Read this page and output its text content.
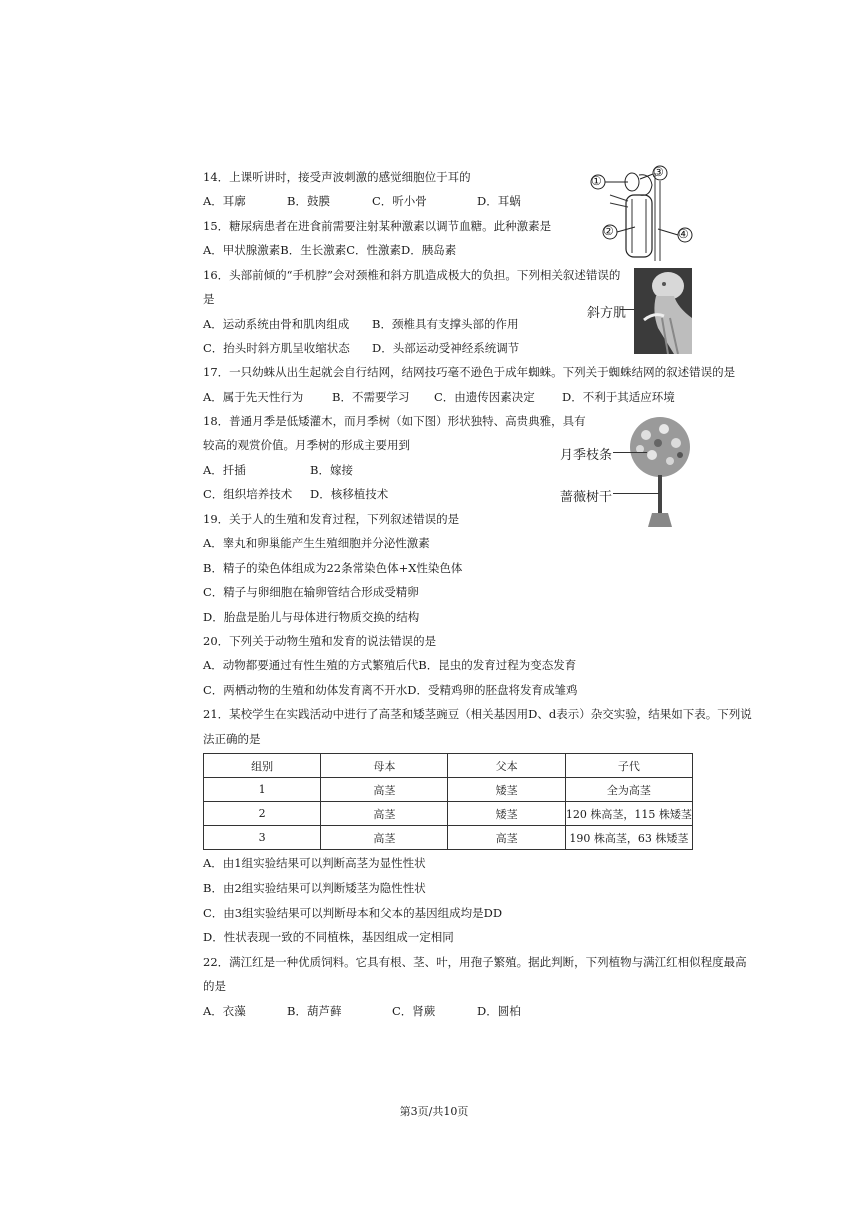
14．上课听讲时，接受声波刺激的感觉细胞位于耳的
A．耳廓	B．鼓膜	C．听小骨	D．耳蜗
①
③
②	④
15．糖尿病患者在进食前需要注射某种激素以调节血糖。此种激素是
A．甲状腺激素B．生长激素C．性激素D．胰岛素
16．头部前倾的“手机脖”会对颈椎和斜方肌造成极大的负担。下列相关叙述错误的
是
A．运动系统由骨和肌肉组成 B．颈椎具有支撑头部的作用
C．抬头时斜方肌呈收缩状态 D．头部运动受神经系统调节
斜方肌
17．一只幼蛛从出生起就会自行结网，结网技巧毫不逊色于成年蜘蛛。下列关于蜘蛛结网的叙述错误的是
A．属于先天性行为 B．不需要学习 C．由遗传因素决定 D．不利于其适应环境
18．普通月季是低矮灌木，而月季树（如下图）形状独特、高贵典雅，具有
较高的观赏价值。月季树的形成主要用到
A．扦插	B．嫁接
C．组织培养技术 D．核移植技术
月季枝条
蔷薇树干
19．关于人的生殖和发育过程，下列叙述错误的是
A．睾丸和卵巢能产生生殖细胞并分泌性激素
B．精子的染色体组成为22条常染色体+X性染色体
C．精子与卵细胞在输卵管结合形成受精卵
D．胎盘是胎儿与母体进行物质交换的结构
20．下列关于动物生殖和发育的说法错误的是
A．动物都要通过有性生殖的方式繁殖后代B．昆虫的发育过程为变态发育
C．两栖动物的生殖和幼体发育离不开水D．受精鸡卵的胚盘将发育成雏鸡
21．某校学生在实践活动中进行了高茎和矮茎豌豆（相关基因用D、d表示）杂交实验，结果如下表。下列说
法正确的是
组别	母本	父本	子代
1	高茎	矮茎	全为高茎
2	高茎	矮茎	120 株高茎，115 株矮茎
3	高茎	高茎	190 株高茎，63 株矮茎
A．由1组实验结果可以判断高茎为显性性状
B．由2组实验结果可以判断矮茎为隐性性状
C．由3组实验结果可以判断母本和父本的基因组成均是DD
D．性状表现一致的不同植株，基因组成一定相同
22．满江红是一种优质饲料。它具有根、茎、叶，用孢子繁殖。据此判断，下列植物与满江红相似程度最高
的是
A．衣藻	B．葫芦藓	C．肾蕨	D．圆柏
第3页/共10页
